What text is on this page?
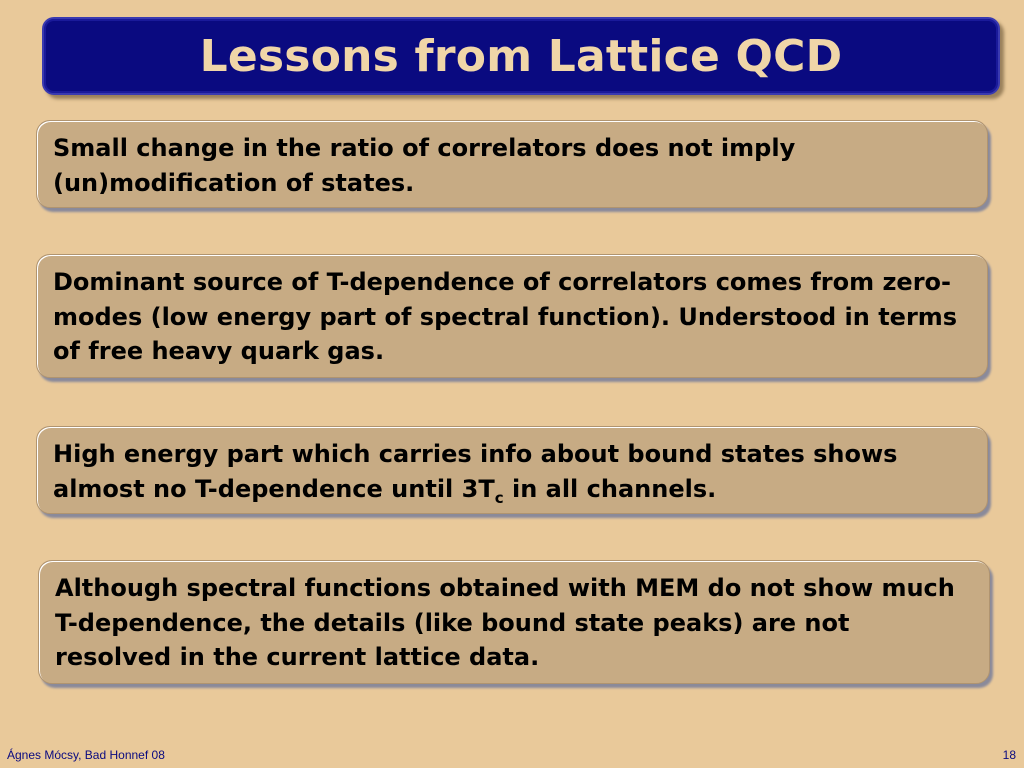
Lessons from Lattice QCD

Small change in the ratio of correlators does not imply (un)modification of states.

Dominant source of T-dependence of correlators comes from zero-modes (low energy part of spectral function). Understood in terms of free heavy quark gas.

High energy part which carries info about bound states shows almost no T-dependence until $3T_c$ in all channels.

Although spectral functions obtained with MEM do not show much T-dependence, the details (like bound state peaks) are not resolved in the current lattice data.

Ágnes Mócsy, Bad Honnef 08	18
